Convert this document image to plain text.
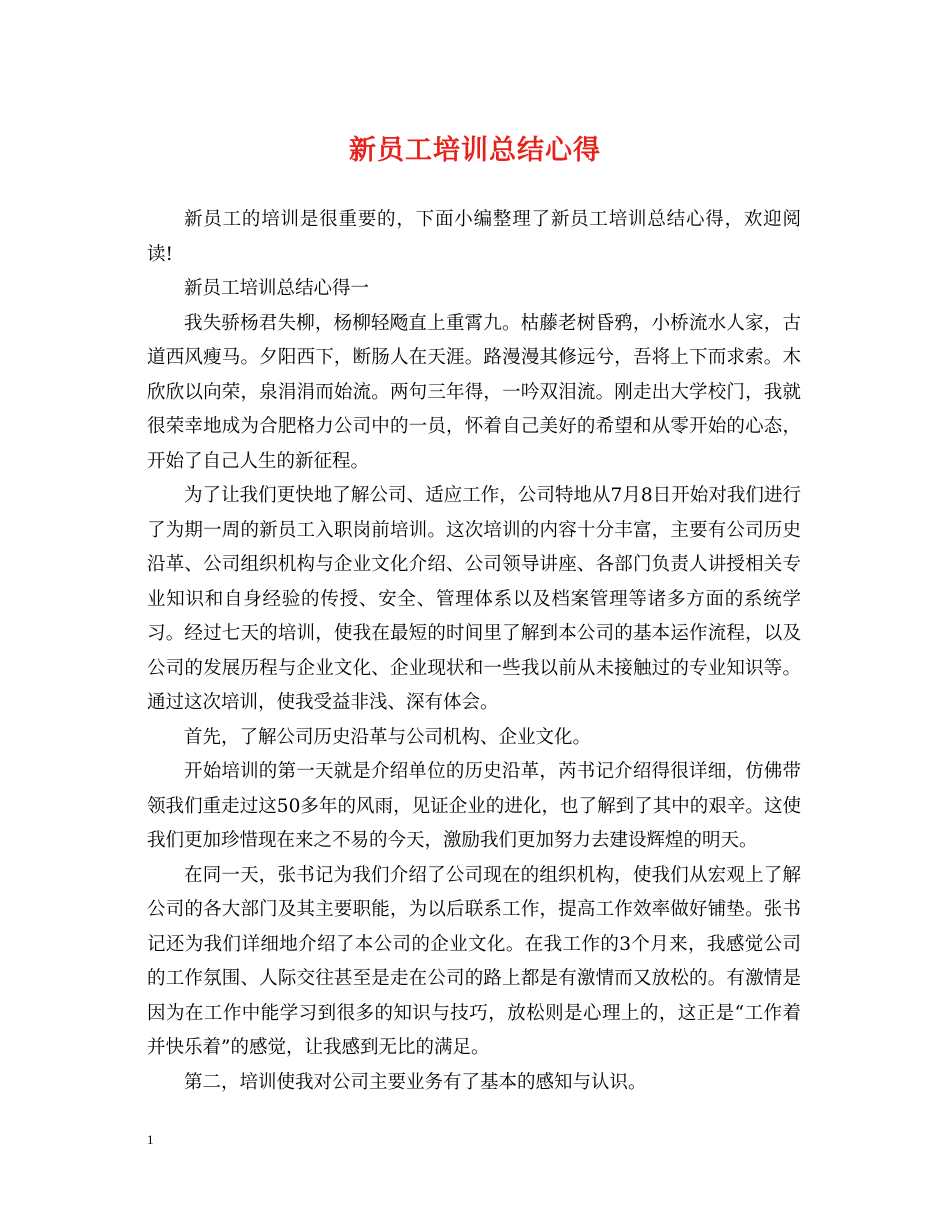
新员工培训总结心得

新员工的培训是很重要的，下面小编整理了新员工培训总结心得，欢迎阅读!

新员工培训总结心得一

我失骄杨君失柳，杨柳轻飏直上重霄九。枯藤老树昏鸦，小桥流水人家，古道西风瘦马。夕阳西下，断肠人在天涯。路漫漫其修远兮，吾将上下而求索。木欣欣以向荣，泉涓涓而始流。两句三年得，一吟双泪流。刚走出大学校门，我就很荣幸地成为合肥格力公司中的一员，怀着自己美好的希望和从零开始的心态，开始了自己人生的新征程。

为了让我们更快地了解公司、适应工作，公司特地从7月8日开始对我们进行了为期一周的新员工入职岗前培训。这次培训的内容十分丰富，主要有公司历史沿革、公司组织机构与企业文化介绍、公司领导讲座、各部门负责人讲授相关专业知识和自身经验的传授、安全、管理体系以及档案管理等诸多方面的系统学习。经过七天的培训，使我在最短的时间里了解到本公司的基本运作流程，以及公司的发展历程与企业文化、企业现状和一些我以前从未接触过的专业知识等。通过这次培训，使我受益非浅、深有体会。

首先，了解公司历史沿革与公司机构、企业文化。

开始培训的第一天就是介绍单位的历史沿革，芮书记介绍得很详细，仿佛带领我们重走过这50多年的风雨，见证企业的进化，也了解到了其中的艰辛。这使我们更加珍惜现在来之不易的今天，激励我们更加努力去建设辉煌的明天。

在同一天，张书记为我们介绍了公司现在的组织机构，使我们从宏观上了解公司的各大部门及其主要职能，为以后联系工作，提高工作效率做好铺垫。张书记还为我们详细地介绍了本公司的企业文化。在我工作的3个月来，我感觉公司的工作氛围、人际交往甚至是走在公司的路上都是有激情而又放松的。有激情是因为在工作中能学习到很多的知识与技巧，放松则是心理上的，这正是“工作着并快乐着”的感觉，让我感到无比的满足。

第二，培训使我对公司主要业务有了基本的感知与认识。

1
